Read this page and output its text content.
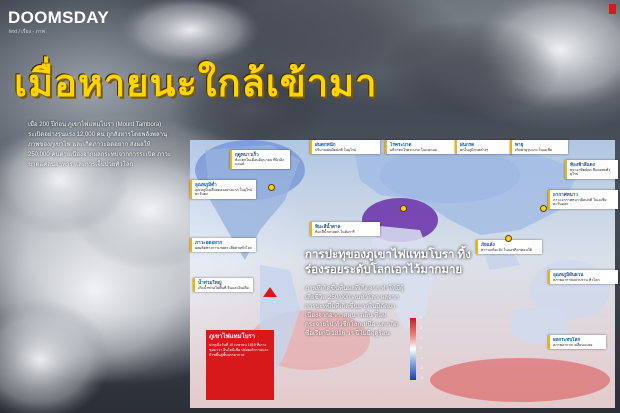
DOOMSDAY
text / เรื่อง - ภาพ
เมื่อหายนะใกล้เข้ามา
เมื่อ 200 ปีก่อน ภูเขาไฟแทมโบรา (Mount Tambora) ระเบิดอย่างรุนแรง 12,000 คน ถูกสังหารโดยพลังพลานุภาพของภูเขาไฟ และเกิดภาวะอดอยาก ส่งผลให้ 250,000 คนตายเนื่องจากผลกระทบจากการระเบิด ภาวะขาดแคลนอาหาร และการเจ็บป่วยทั่วโลก
อุณหภูมิต่ำ
อุณหภูมิเฉลี่ยลดลงอย่างมาก ในยุโรปตะวันตก
ฤดูหนาวเร็ว
หิมะตกในเดือนมิถุนายน ที่นิวอิงแลนด์
ภาวะอดอยาก
ผลผลิตทางการเกษตร เสียหายทั่วโลก
น้ำท่วมใหญ่
เกิดน้ำท่วมในพื้นที่ จีนและอินเดีย
ฝนตกหนัก
ปริมาณฝนผิดปกติ ในยุโรป
โรคระบาด
อหิวาตกโรคระบาด ในเบงกอล
ฝนกรด
ตกในภูมิภาคต่างๆ
พายุ
เกิดพายุรุนแรง ในเอเชีย
ท้องฟ้าสีแดง
พระอาทิตย์ตก สีแดงสดทั่วยุโรป
หิมะสีน้ำตาล
หิมะสีน้ำตาลตก ในฮังการี
อากาศหนาว
ภาวะอากาศหนาวผิดปกติ ในเอเชียตะวันออก
ภัยแล้ง
ความแห้งแล้ง ในแอฟริกาตอนใต้
อุณหภูมิผันผวน
สภาพอากาศแปรปรวน ทั่วโลก
ผลกระทบโลก
สภาพอากาศ เปลี่ยนแปลง
ภูเขาไฟแทมโบรา
ปะทุเมื่อวันที่ 10 เมษายน 1815 ที่เกาะซุมบาวา อินโดนีเซีย ปล่อยเถ้าถ่านและก๊าซขึ้นสู่ชั้นบรรยากาศ
การปะทุของภูเขาไฟแทมโบรา ทิ้งร่องรอยระดับโลกเอาไว้มากมาย
ภาพที่เกิดขึ้นพื้นผลที่เกิดจาก ทำให้มีผู้เสียชีวิต 250,000 คนทั่วโลก ผลจากการปะทุขึ้นที่เกิดขึ้นมากในปีถัดมา เนื่องจากอากาศหนาวเย็น ที่แผ่กระจายไป ทั่วซีกโลกเหนือ และเกิดชื่อเรียกปี 1816 ว่า ปีไม่มีฤดูร้อน
3
2
1
0
-1
-2
-3
